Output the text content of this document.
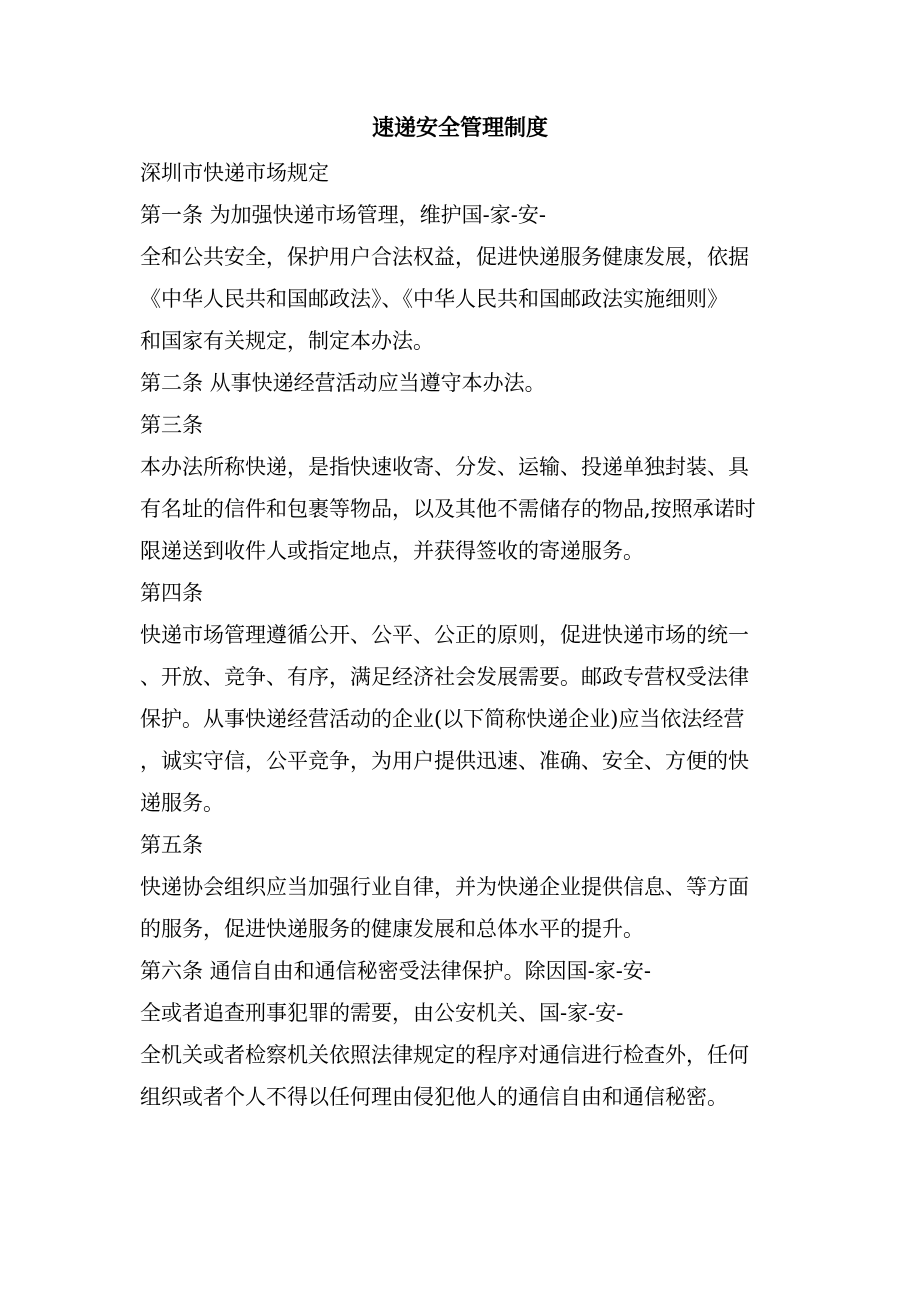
速递安全管理制度
深圳市快递市场规定
第一条 为加强快递市场管理，维护国-家-安-
全和公共安全，保护用户合法权益，促进快递服务健康发展，依据
《中华人民共和国邮政法》、《中华人民共和国邮政法实施细则》
和国家有关规定，制定本办法。
第二条 从事快递经营活动应当遵守本办法。
第三条
本办法所称快递，是指快速收寄、分发、运输、投递单独封装、具
有名址的信件和包裹等物品，以及其他不需储存的物品,按照承诺时
限递送到收件人或指定地点，并获得签收的寄递服务。
第四条
快递市场管理遵循公开、公平、公正的原则，促进快递市场的统一
、开放、竞争、有序，满足经济社会发展需要。邮政专营权受法律
保护。从事快递经营活动的企业(以下简称快递企业)应当依法经营
，诚实守信，公平竞争，为用户提供迅速、准确、安全、方便的快
递服务。
第五条
快递协会组织应当加强行业自律，并为快递企业提供信息、等方面
的服务，促进快递服务的健康发展和总体水平的提升。
第六条 通信自由和通信秘密受法律保护。除因国-家-安-
全或者追查刑事犯罪的需要，由公安机关、国-家-安-
全机关或者检察机关依照法律规定的程序对通信进行检查外，任何
组织或者个人不得以任何理由侵犯他人的通信自由和通信秘密。
